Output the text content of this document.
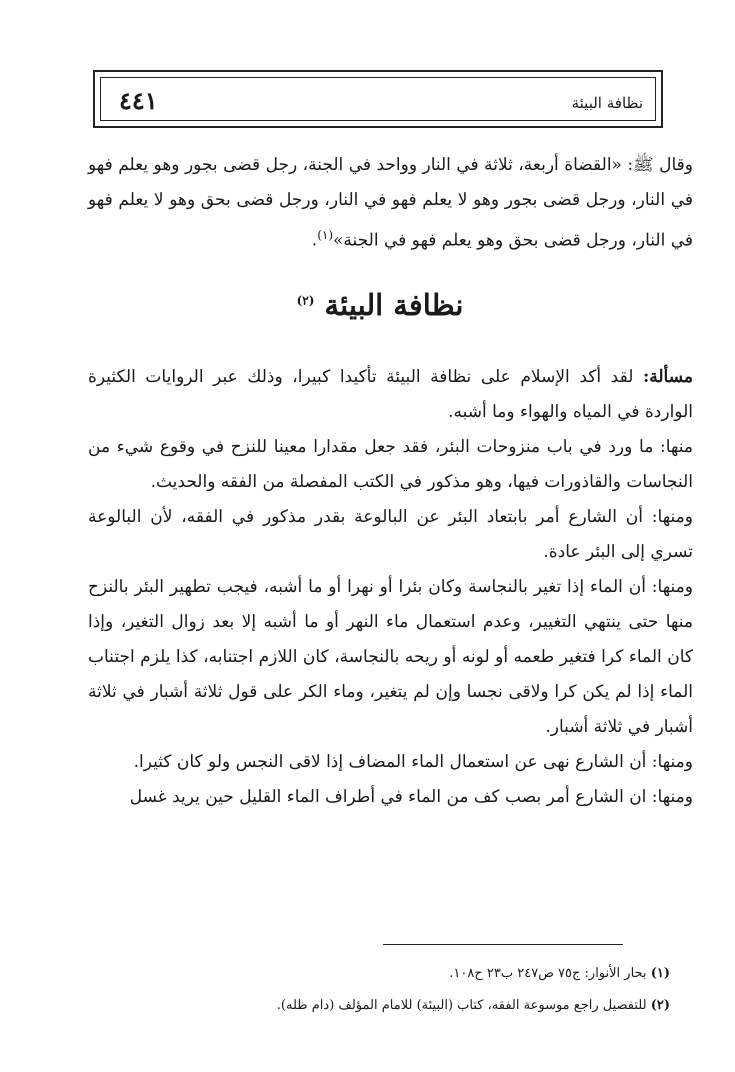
نظافة البيئة
٤٤١

وقال ﷺ: «القضاة أربعة، ثلاثة في النار وواحد في الجنة، رجل قضى بجور وهو يعلم فهو في النار، ورجل قضى بجور وهو لا يعلم فهو في النار، ورجل قضى بحق وهو لا يعلم فهو في النار، ورجل قضى بحق وهو يعلم فهو في الجنة»$^{(١)}$.

نظافة البيئة $^{(٢)}$

مسألة: لقد أكد الإسلام على نظافة البيئة تأكيدا كبيرا، وذلك عبر الروايات الكثيرة الواردة في المياه والهواء وما أشبه.

منها: ما ورد في باب منزوحات البئر، فقد جعل مقدارا معينا للنزح في وقوع شيء من النجاسات والقاذورات فيها، وهو مذكور في الكتب المفصلة من الفقه والحديث.

ومنها: أن الشارع أمر بابتعاد البئر عن البالوعة بقدر مذكور في الفقه، لأن البالوعة تسري إلى البئر عادة.

ومنها: أن الماء إذا تغير بالنجاسة وكان بئرا أو نهرا أو ما أشبه، فيجب تطهير البئر بالنزح منها حتى ينتهي التغيير، وعدم استعمال ماء النهر أو ما أشبه إلا بعد زوال التغير، وإذا كان الماء كرا فتغير طعمه أو لونه أو ريحه بالنجاسة، كان اللازم اجتنابه، كذا يلزم اجتناب الماء إذا لم يكن كرا ولاقى نجسا وإن لم يتغير، وماء الكر على قول ثلاثة أشبار في ثلاثة أشبار في ثلاثة أشبار.

ومنها: أن الشارع نهى عن استعمال الماء المضاف إذا لاقى النجس ولو كان كثيرا.

ومنها: ان الشارع أمر بصب كف من الماء في أطراف الماء القليل حين يريد غسل

(١) بحار الأنوار: ج٧٥ ص٢٤٧ ب٢٣ ح١٠٨.
(٢) للتفصيل راجع موسوعة الفقه، كتاب (البيئة) للامام المؤلف (دام ظله).
